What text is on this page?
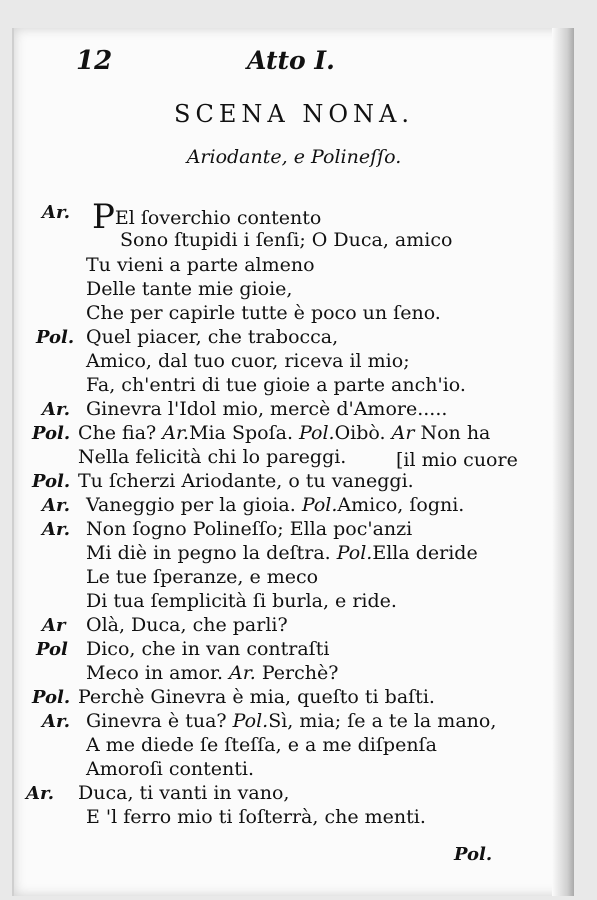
12	Atto I.
SCENA NONA.
Ariodante, e Polineſſo.
Ar. PEl ſoverchio contento
Sono ſtupidi i ſenſi; O Duca, amico
Tu vieni a parte almeno
Delle tante mie gioie,
Che per capirle tutte è poco un ſeno.
Pol. Quel piacer, che trabocca,
Amico, dal tuo cuor, riceva il mio;
Fa, ch'entri di tue gioie a parte anch'io.
Ar. Ginevra l'Idol mio, mercè d'Amore.....
Pol. Che fia? Ar.Mia Spoſa. Pol.Oibò. Ar Non ha
Nella felicità chi lo pareggi.	[il mio cuore
Pol. Tu ſcherzi Ariodante, o tu vaneggi.
Ar. Vaneggio per la gioia. Pol.Amico, ſogni.
Ar. Non ſogno Polineſſo; Ella poc'anzi
Mi diè in pegno la deſtra. Pol.Ella deride
Le tue ſperanze, e meco
Di tua ſemplicità ſi burla, e ride.
Ar Olà, Duca, che parli?
Pol Dico, che in van contraſti
Meco in amor. Ar. Perchè?
Pol. Perchè Ginevra è mia, queſto ti baſti.
Ar. Ginevra è tua? Pol.Sì, mia; ſe a te la mano,
A me diede ſe ſteſſa, e a me diſpenſa
Amoroſi contenti.
Ar. Duca, ti vanti in vano,
E 'l ferro mio ti ſoſterrà, che menti.
Pol.
